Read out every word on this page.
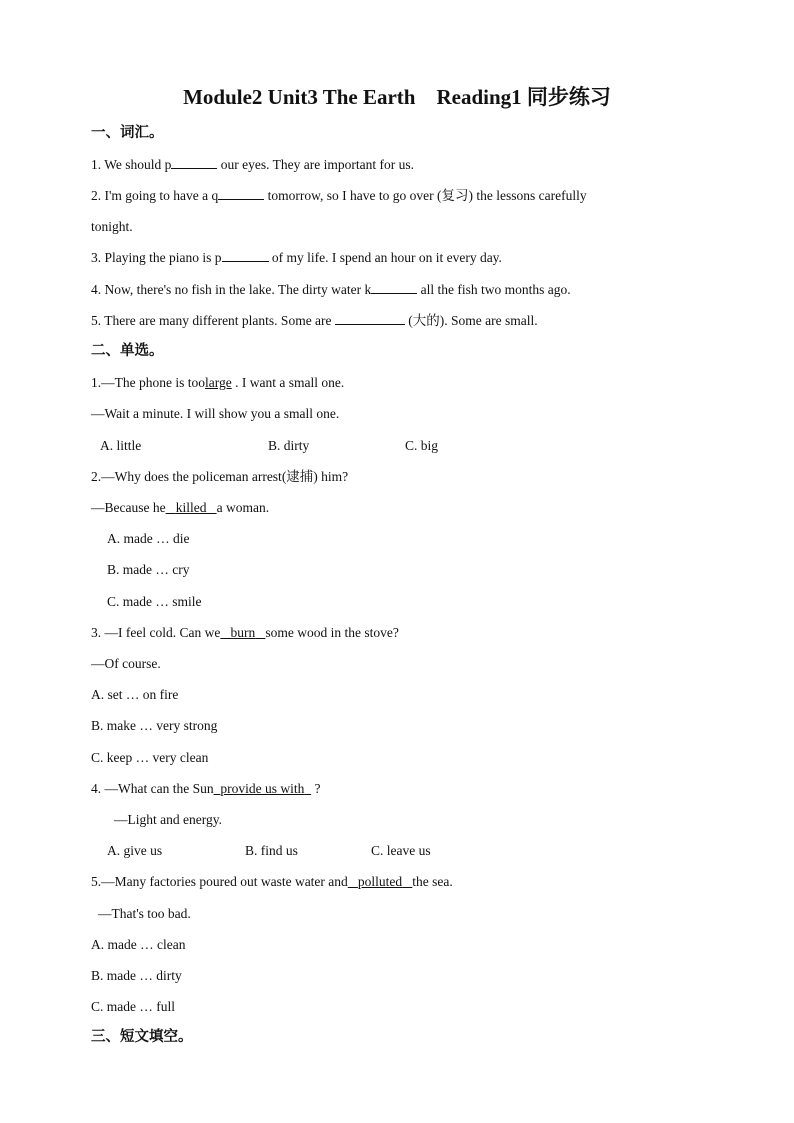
Module2 Unit3 The Earth    Reading1 同步练习
一、词汇。
1. We should p	our eyes. They are important for us.
2. I'm going to have a q	tomorrow, so I have to go over (复习) the lessons carefully
tonight.
3. Playing the piano is p	of my life. I spend an hour on it every day.
4. Now, there's no fish in the lake. The dirty water k	all the fish two months ago.
5. There are many different plants. Some are	(大的). Some are small.
二、单选。
1.—The phone is toolarge . I want a small one.
—Wait a minute. I will show you a small one.
A. little	B. dirty	C. big
2.—Why does the policeman arrest(逮捕) him?
—Because he killed a woman.
A. made … die
B. made … cry
C. made … smile
3. —I feel cold. Can we burn some wood in the stove?
—Of course.
A. set … on fire
B. make … very strong
C. keep … very clean
4. —What can the Sun provide us with   ?
—Light and energy.
A. give us	B. find us	C. leave us
5.—Many factories poured out waste water and polluted the sea.
—That's too bad.
A. made … clean
B. made … dirty
C. made … full
三、短文填空。
